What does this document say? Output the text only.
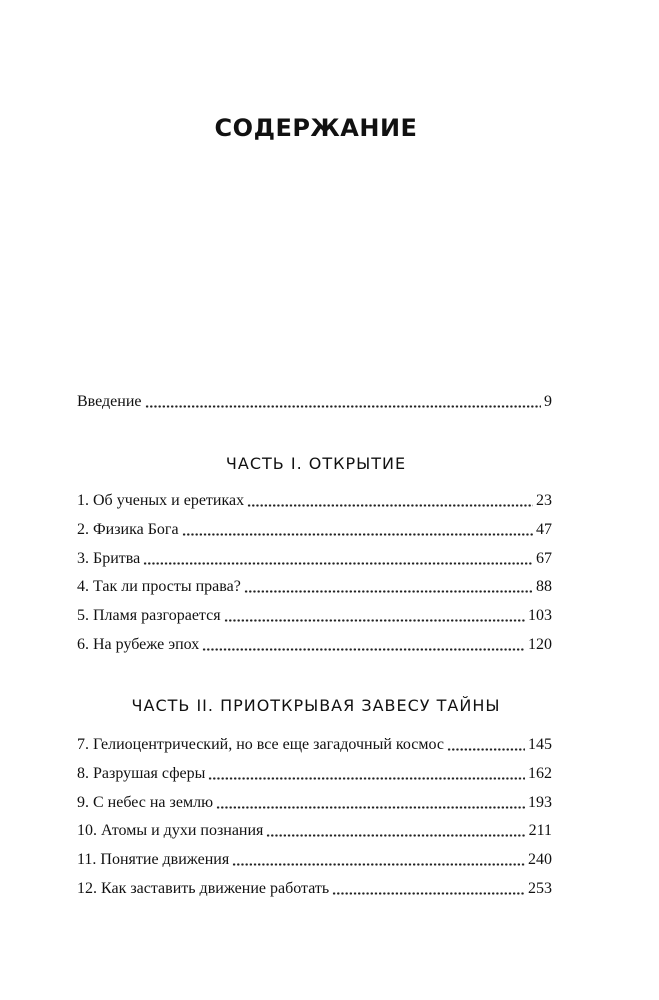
СОДЕРЖАНИЕ
Введение	9
ЧАСТЬ I. ОТКРЫТИЕ
1. Об ученых и еретиках	23
2. Физика Бога	47
3. Бритва	67
4. Так ли просты права?	88
5. Пламя разгорается	103
6. На рубеже эпох	120
ЧАСТЬ II. ПРИОТКРЫВАЯ ЗАВЕСУ ТАЙНЫ
7. Гелиоцентрический, но все еще загадочный космос	145
8. Разрушая сферы	162
9. С небес на землю	193
10. Атомы и духи познания	211
11. Понятие движения	240
12. Как заставить движение работать	253
